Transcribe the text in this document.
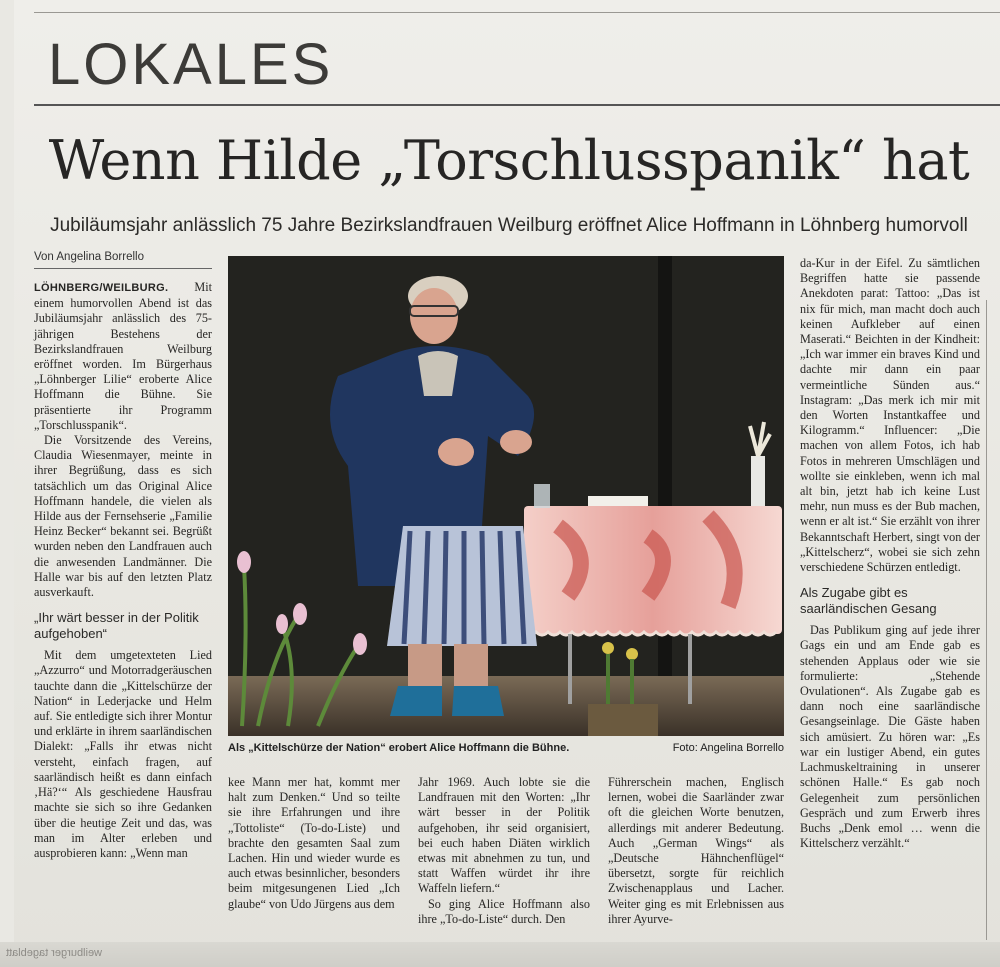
LOKALES
Wenn Hilde „Torschlusspanik“ hat

Jubiläumsjahr anlässlich 75 Jahre Bezirkslandfrauen Weilburg eröffnet Alice Hoffmann in Löhnberg humorvoll

Von Angelina Borrello

LÖHNBERG/WEILBURG. Mit einem humorvollen Abend ist das Jubiläumsjahr anlässlich des 75-jährigen Bestehens der Bezirkslandfrauen Weilburg eröffnet worden. Im Bürgerhaus „Löhnberger Lilie“ eroberte Alice Hoffmann die Bühne. Sie präsentierte ihr Programm „Torschlusspanik“.

Die Vorsitzende des Vereins, Claudia Wiesenmayer, meinte in ihrer Begrüßung, dass es sich tatsächlich um das Original Alice Hoffmann handele, die vielen als Hilde aus der Fernsehserie „Familie Heinz Becker“ bekannt sei. Begrüßt wurden neben den Landfrauen auch die anwesenden Landmänner. Die Halle war bis auf den letzten Platz ausverkauft.

„Ihr wärt besser in der Politik aufgehoben“

Mit dem umgetexteten Lied „Azzurro“ und Motorradgeräuschen tauchte dann die „Kittelschürze der Nation“ in Lederjacke und Helm auf. Sie entledigte sich ihrer Montur und erklärte in ihrem saarländischen Dialekt: „Falls ihr etwas nicht versteht, einfach fragen, auf saarländisch heißt es dann einfach ‚Hä?‘“ Als geschiedene Hausfrau machte sie sich so ihre Gedanken über die heutige Zeit und das, was man im Alter erleben und ausprobieren kann: „Wenn man

Als „Kittelschürze der Nation“ erobert Alice Hoffmann die Bühne.	Foto: Angelina Borrello

kee Mann mer hat, kommt mer halt zum Denken.“ Und so teilte sie ihre Erfahrungen und ihre „Tottoliste“ (To-do-Liste) und brachte den gesamten Saal zum Lachen. Hin und wieder wurde es auch etwas besinnlicher, besonders beim mitgesungenen Lied „Ich glaube“ von Udo Jürgens aus dem

Jahr 1969. Auch lobte sie die Landfrauen mit den Worten: „Ihr wärt besser in der Politik aufgehoben, ihr seid organisiert, bei euch haben Diäten wirklich etwas mit abnehmen zu tun, und statt Waffen würdet ihr ihre Waffeln liefern.“

So ging Alice Hoffmann also ihre „To-do-Liste“ durch. Den

Führerschein machen, Englisch lernen, wobei die Saarländer zwar oft die gleichen Worte benutzen, allerdings mit anderer Bedeutung. Auch „German Wings“ als „Deutsche Hähnchenflügel“ übersetzt, sorgte für reichlich Zwischenapplaus und Lacher. Weiter ging es mit Erlebnissen aus ihrer Ayurve-

da-Kur in der Eifel. Zu sämtlichen Begriffen hatte sie passende Anekdoten parat: Tattoo: „Das ist nix für mich, man macht doch auch keinen Aufkleber auf einen Maserati.“ Beichten in der Kindheit: „Ich war immer ein braves Kind und dachte mir dann ein paar vermeintliche Sünden aus.“ Instagram: „Das merk ich mir mit den Worten Instantkaffee und Kilogramm.“ Influencer: „Die machen von allem Fotos, ich hab Fotos in mehreren Umschlägen und wollte sie einkleben, wenn ich mal alt bin, jetzt hab ich keine Lust mehr, nun muss es der Bub machen, wenn er alt ist.“ Sie erzählt von ihrer Bekanntschaft Herbert, singt von der „Kittelscherz“, wobei sie sich zehn verschiedene Schürzen entledigt.

Als Zugabe gibt es saarländischen Gesang

Das Publikum ging auf jede ihrer Gags ein und am Ende gab es stehenden Applaus oder wie sie formulierte: „Stehende Ovulationen“. Als Zugabe gab es dann noch eine saarländische Gesangseinlage. Die Gäste haben sich amüsiert. Zu hören war: „Es war ein lustiger Abend, ein gutes Lachmuskeltraining in unserer schönen Halle.“ Es gab noch Gelegenheit zum persönlichen Gespräch und zum Erwerb ihres Buchs „Denk emol … wenn die Kittelscherz verzählt.“

weilburger tageblatt
